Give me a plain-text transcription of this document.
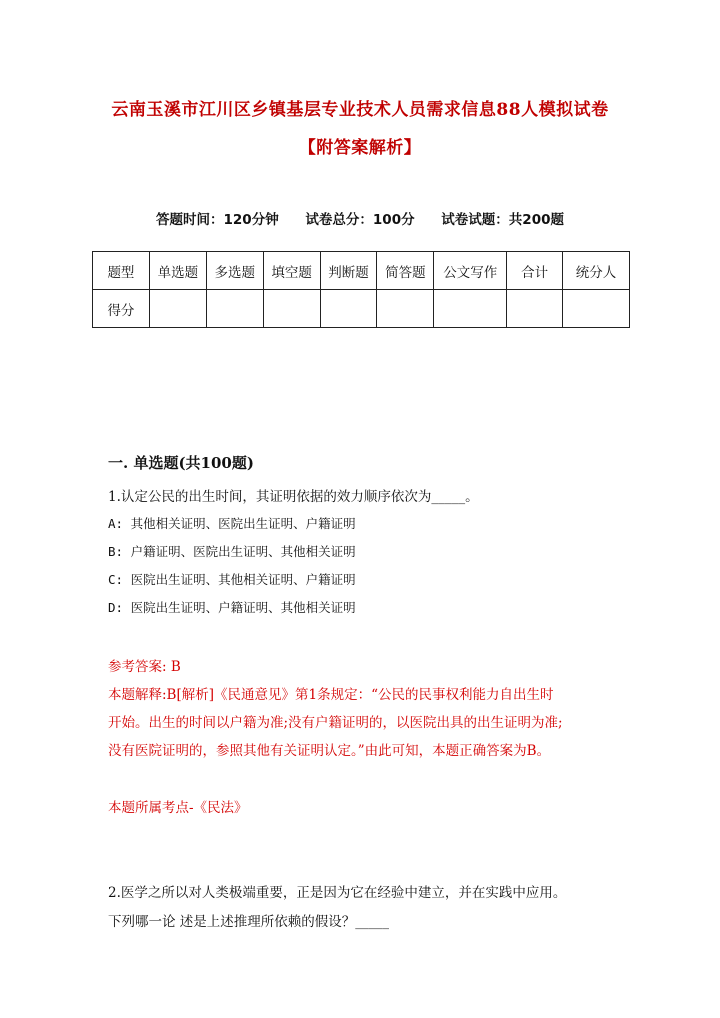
云南玉溪市江川区乡镇基层专业技术人员需求信息88人模拟试卷
【附答案解析】
答题时间：120分钟 试卷总分：100分 试卷试题：共200题
题型	单选题	多选题	填空题	判断题	简答题	公文写作	合计	统分人
得分								
一. 单选题(共100题)
1.认定公民的出生时间，其证明依据的效力顺序依次为_____。
A: 其他相关证明、医院出生证明、户籍证明
B: 户籍证明、医院出生证明、其他相关证明
C: 医院出生证明、其他相关证明、户籍证明
D: 医院出生证明、户籍证明、其他相关证明
参考答案: B
本题解释:B[解析]《民通意见》第1条规定：“公民的民事权利能力自出生时
开始。出生的时间以户籍为准;没有户籍证明的，以医院出具的出生证明为准;
没有医院证明的，参照其他有关证明认定。”由此可知，本题正确答案为B。
本题所属考点-《民法》
2.医学之所以对人类极端重要，正是因为它在经验中建立，并在实践中应用。
下列哪一论 述是上述推理所依赖的假设？_____
